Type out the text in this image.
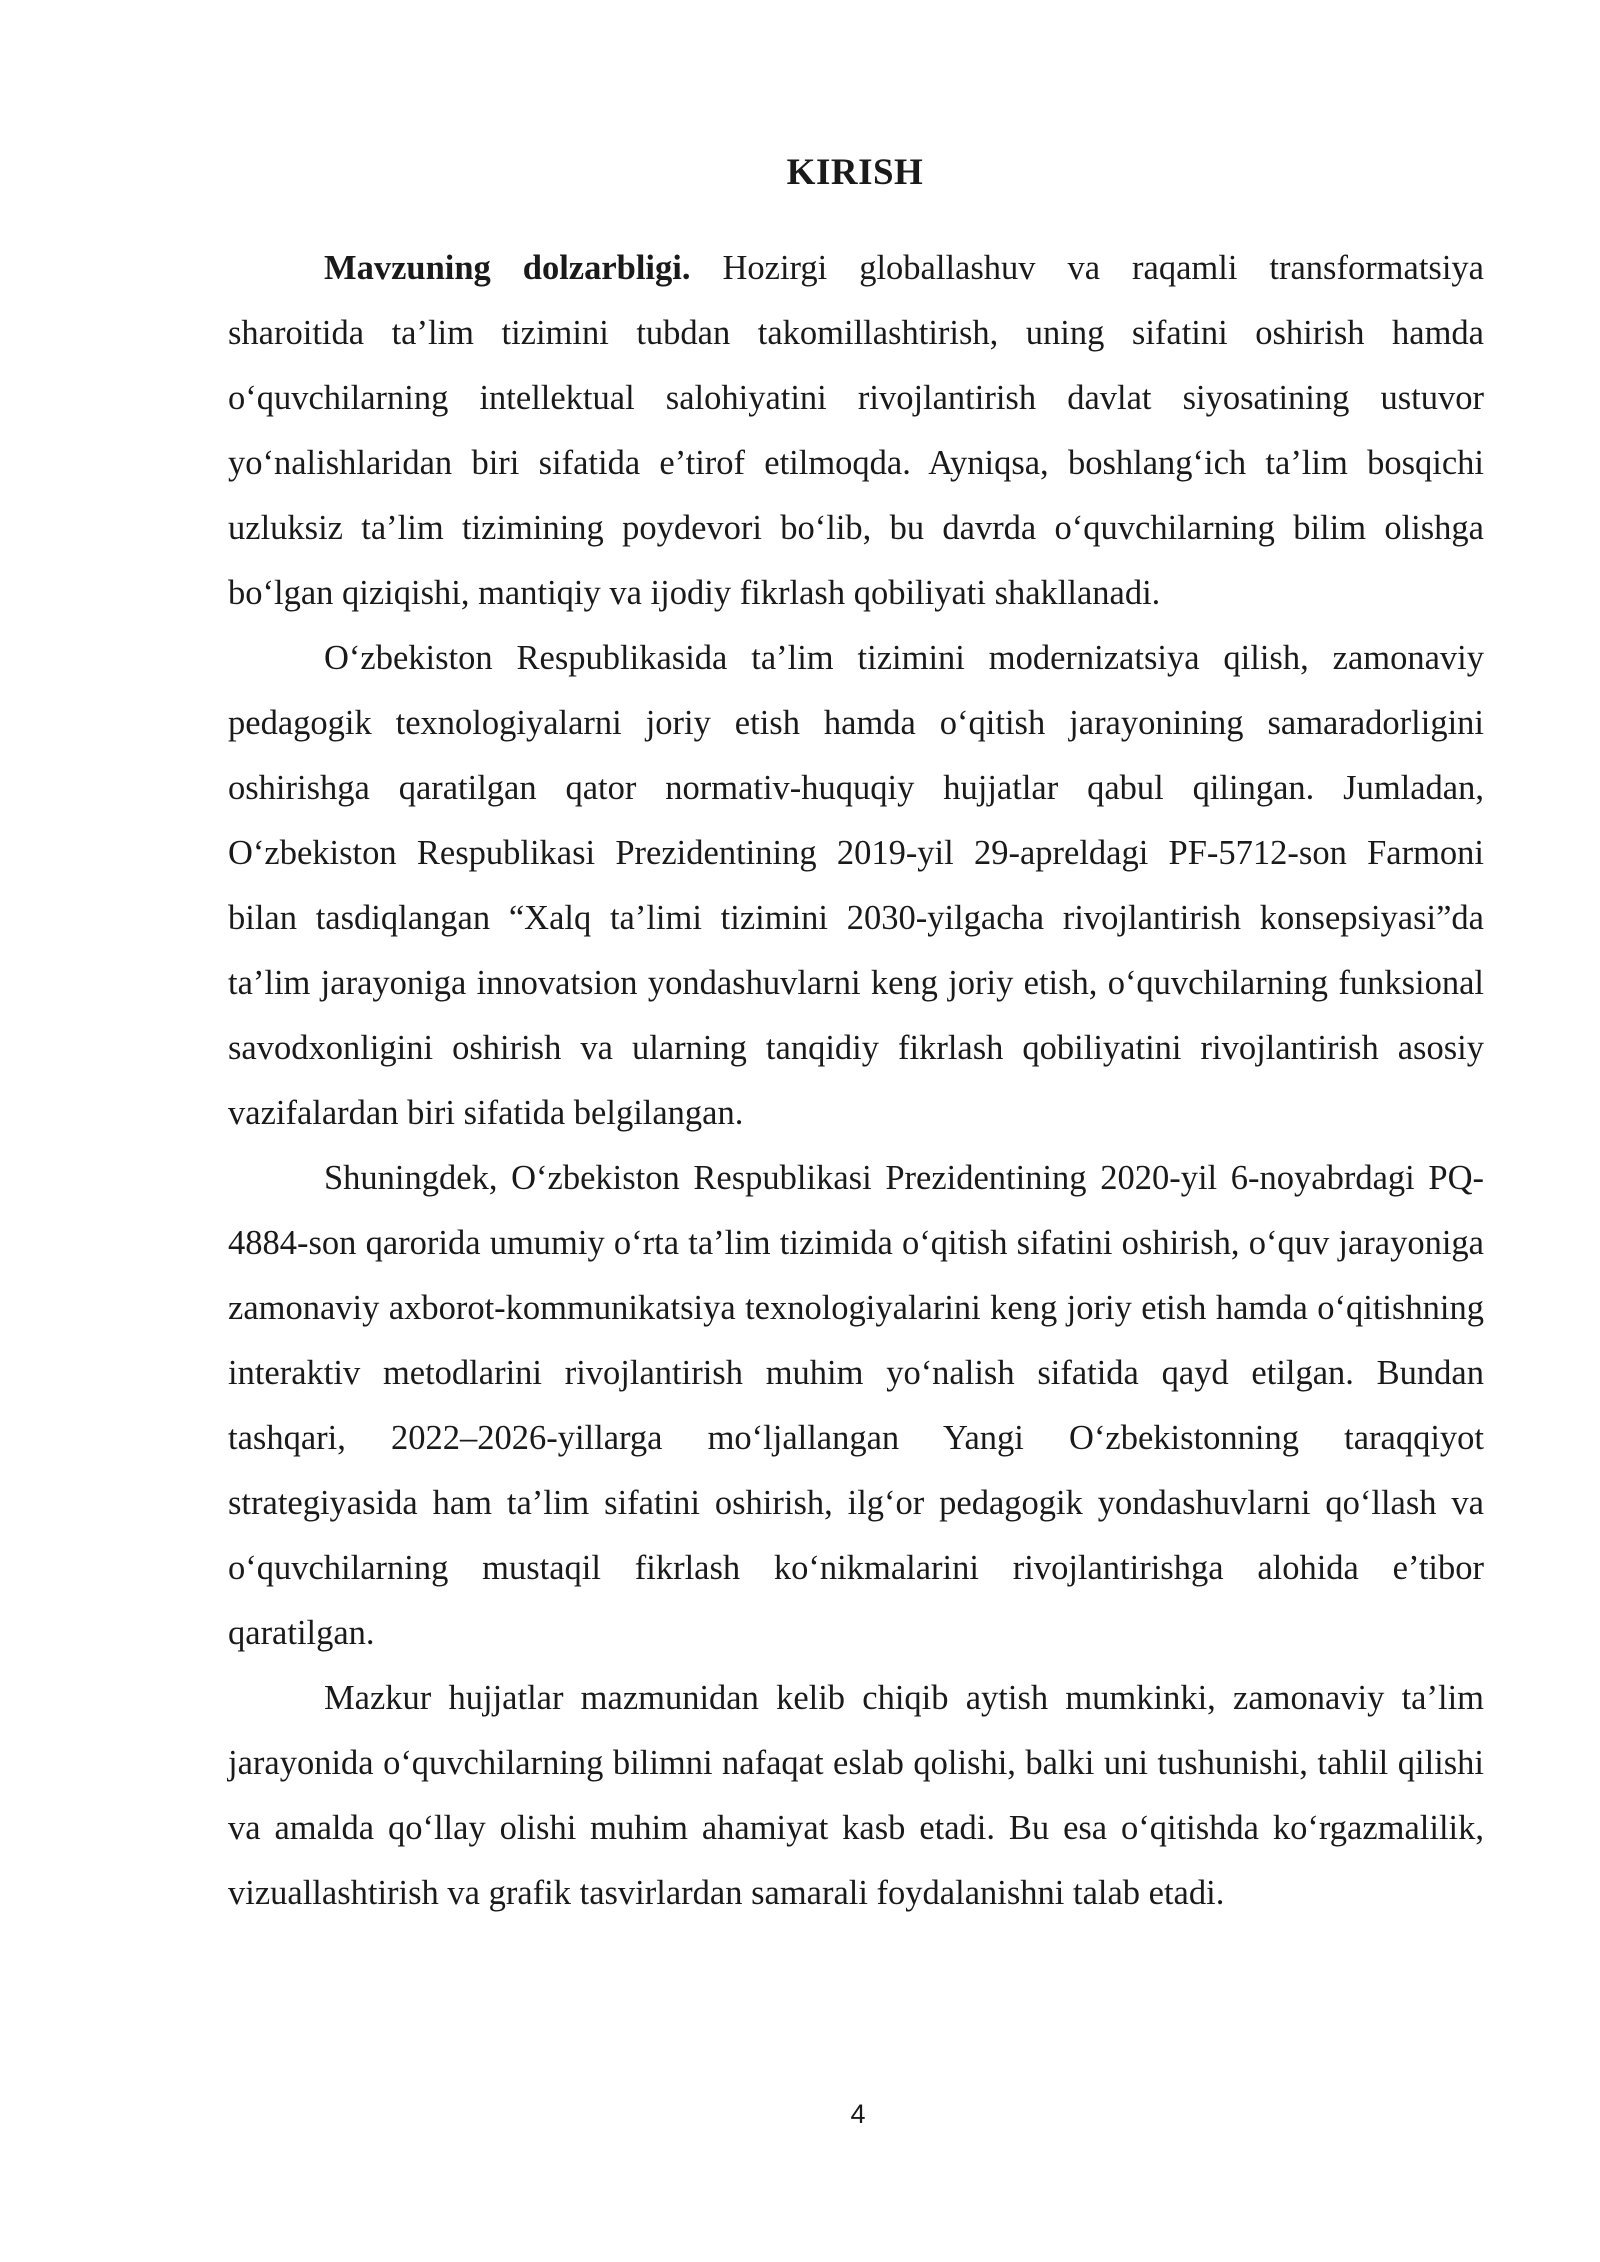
KIRISH

Mavzuning dolzarbligi. Hozirgi globallashuv va raqamli transformatsiya sharoitida ta’lim tizimini tubdan takomillashtirish, uning sifatini oshirish hamda o‘quvchilarning intellektual salohiyatini rivojlantirish davlat siyosatining ustuvor yo‘nalishlaridan biri sifatida e’tirof etilmoqda. Ayniqsa, boshlang‘ich ta’lim bosqichi uzluksiz ta’lim tizimining poydevori bo‘lib, bu davrda o‘quvchilarning bilim olishga bo‘lgan qiziqishi, mantiqiy va ijodiy fikrlash qobiliyati shakllanadi.

O‘zbekiston Respublikasida ta’lim tizimini modernizatsiya qilish, zamonaviy pedagogik texnologiyalarni joriy etish hamda o‘qitish jarayonining samaradorligini oshirishga qaratilgan qator normativ-huquqiy hujjatlar qabul qilingan. Jumladan, O‘zbekiston Respublikasi Prezidentining 2019-yil 29-apreldagi PF-5712-son Farmoni bilan tasdiqlangan “Xalq ta’limi tizimini 2030-yilgacha rivojlantirish konsepsiyasi”da ta’lim jarayoniga innovatsion yondashuvlarni keng joriy etish, o‘quvchilarning funksional savodxonligini oshirish va ularning tanqidiy fikrlash qobiliyatini rivojlantirish asosiy vazifalardan biri sifatida belgilangan.

Shuningdek, O‘zbekiston Respublikasi Prezidentining 2020-yil 6-noyabrdagi PQ-4884-son qarorida umumiy o‘rta ta’lim tizimida o‘qitish sifatini oshirish, o‘quv jarayoniga zamonaviy axborot-kommunikatsiya texnologiyalarini keng joriy etish hamda o‘qitishning interaktiv metodlarini rivojlantirish muhim yo‘nalish sifatida qayd etilgan. Bundan tashqari, 2022–2026-yillarga mo‘ljallangan Yangi O‘zbekistonning taraqqiyot strategiyasida ham ta’lim sifatini oshirish, ilg‘or pedagogik yondashuvlarni qo‘llash va o‘quvchilarning mustaqil fikrlash ko‘nikmalarini rivojlantirishga alohida e’tibor qaratilgan.

Mazkur hujjatlar mazmunidan kelib chiqib aytish mumkinki, zamonaviy ta’lim jarayonida o‘quvchilarning bilimni nafaqat eslab qolishi, balki uni tushunishi, tahlil qilishi va amalda qo‘llay olishi muhim ahamiyat kasb etadi. Bu esa o‘qitishda ko‘rgazmalilik, vizuallashtirish va grafik tasvirlardan samarali foydalanishni talab etadi.

4
